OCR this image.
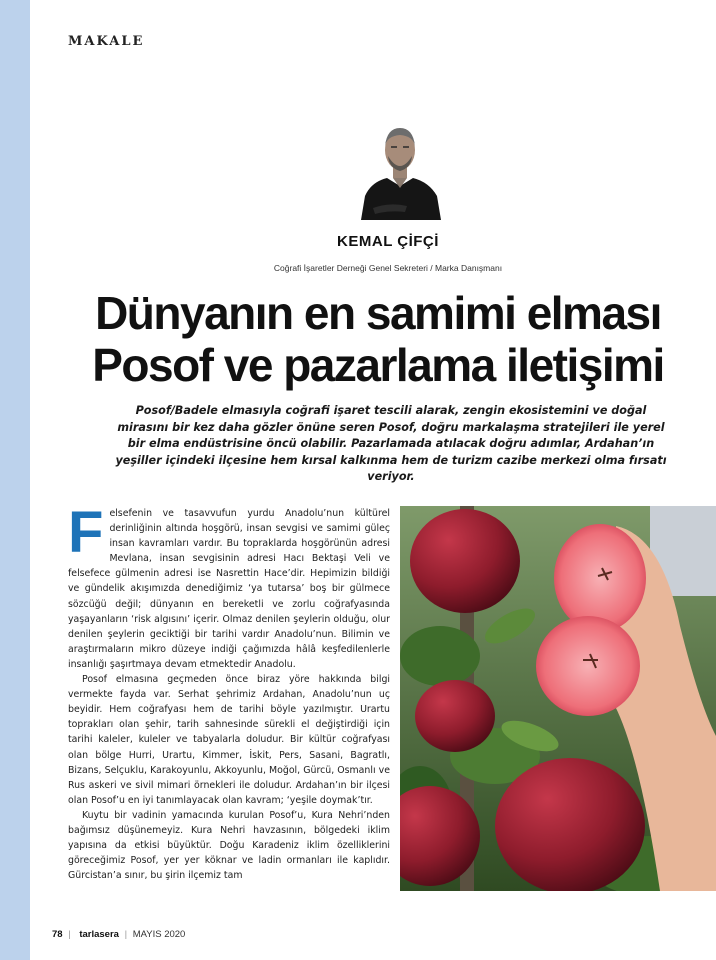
MAKALE
KEMAL ÇİFÇİ
Coğrafi İşaretler Derneği Genel Sekreteri / Marka Danışmanı
Dünyanın en samimi elması
Posof ve pazarlama iletişimi
Posof/Badele elmasıyla coğrafi işaret tescili alarak, zengin ekosistemini ve doğal mirasını bir kez daha gözler önüne seren Posof, doğru markalaşma stratejileri ile yerel bir elma endüstrisine öncü olabilir. Pazarlamada atılacak doğru adımlar, Ardahan’ın yeşiller içindeki ilçesine hem kırsal kalkınma hem de turizm cazibe merkezi olma fırsatı veriyor.
F elsefenin ve tasavvufun yurdu Anadolu’nun kültürel derinliğinin altında hoşgörü, insan sevgisi ve samimi güleç insan kavramları vardır. Bu topraklarda hoşgörünün adresi Mevlana, insan sevgisinin adresi Hacı Bektaşi Veli ve felsefece gülmenin adresi ise Nasrettin Hace’dir. Hepimizin bildiği ve gündelik akışımızda denediğimiz ‘ya tutarsa’ boş bir gülmece sözcüğü değil; dünyanın en bereketli ve zorlu coğrafyasında yaşayanların ‘risk algısını’ içerir. Olmaz denilen şeylerin olduğu, olur denilen şeylerin geciktiği bir tarihi vardır Anadolu’nun. Bilimin ve araştırmaların mikro düzeye indiği çağımızda hâlâ keşfedilenlerle insanlığı şaşırtmaya devam etmektedir Anadolu.

Posof elmasına geçmeden önce biraz yöre hakkında bilgi vermekte fayda var. Serhat şehrimiz Ardahan, Anadolu’nun uç beyidir. Hem coğrafyası hem de tarihi böyle yazılmıştır. Urartu toprakları olan şehir, tarih sahnesinde sürekli el değiştirdiği için tarihi kaleler, kuleler ve tabyalarla doludur. Bir kültür coğrafyası olan bölge Hurri, Urartu, Kimmer, İskit, Pers, Sasani, Bagratlı, Bizans, Selçuklu, Karakoyunlu, Akkoyunlu, Moğol, Gürcü, Osmanlı ve Rus askeri ve sivil mimari örnekleri ile doludur. Ardahan’ın bir ilçesi olan Posof’u en iyi tanımlayacak olan kavram; ‘yeşile doymak’tır.

Kuytu bir vadinin yamacında kurulan Posof’u, Kura Nehri’nden bağımsız düşünemeyiz. Kura Nehri havzasının, bölgedeki iklim yapısına da etkisi büyüktür. Doğu Karadeniz iklim özelliklerini göreceğimiz Posof, yer yer köknar ve ladin ormanları ile kaplıdır. Gürcistan’a sınır, bu şirin ilçemiz tam

78 | tarlasera | MAYIS 2020
